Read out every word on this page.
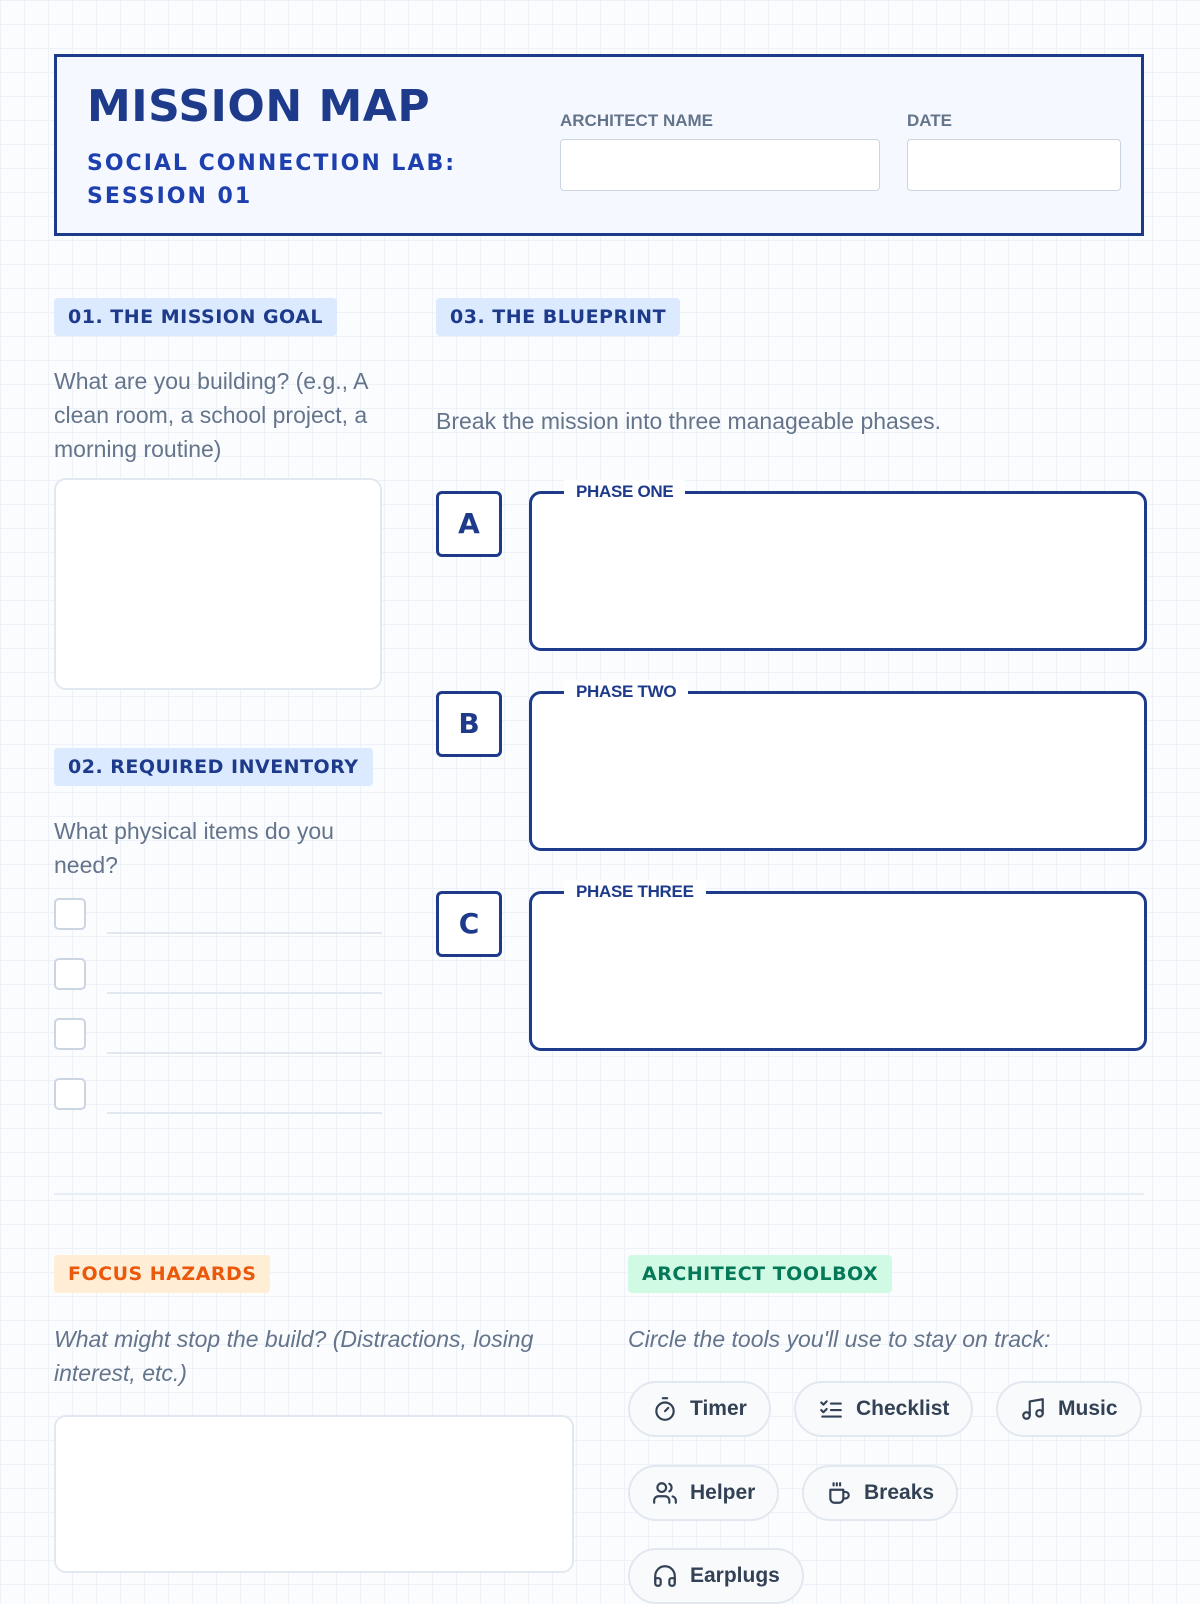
MISSION MAP
SOCIAL CONNECTION LAB: SESSION 01
ARCHITECT NAME	DATE
01. THE MISSION GOAL
What are you building? (e.g., A clean room, a school project, a morning routine)
02. REQUIRED INVENTORY
What physical items do you need?
03. THE BLUEPRINT
Break the mission into three manageable phases.
A
PHASE ONE
B
PHASE TWO
C
PHASE THREE
FOCUS HAZARDS
What might stop the build? (Distractions, losing interest, etc.)
ARCHITECT TOOLBOX
Circle the tools you'll use to stay on track:
Timer	Checklist	Music
Helper	Breaks
Earplugs
